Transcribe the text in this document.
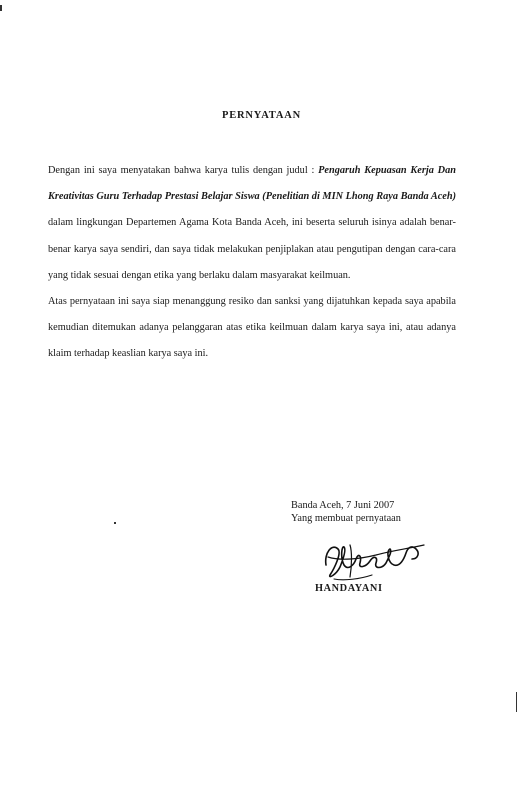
PERNYATAAN

Dengan ini saya menyatakan bahwa karya tulis dengan judul : Pengaruh Kepuasan Kerja Dan Kreativitas Guru Terhadap Prestasi Belajar Siswa (Penelitian di MIN Lhong Raya Banda Aceh) dalam lingkungan Departemen Agama Kota Banda Aceh, ini beserta seluruh isinya adalah benar-benar karya saya sendiri, dan saya tidak melakukan penjiplakan atau pengutipan dengan cara-cara yang tidak sesuai dengan etika yang berlaku dalam masyarakat keilmuan.

Atas pernyataan ini saya siap menanggung resiko dan sanksi yang dijatuhkan kepada saya apabila kemudian ditemukan adanya pelanggaran atas etika keilmuan dalam karya saya ini, atau adanya klaim terhadap keaslian karya saya ini.

Banda Aceh, 7 Juni 2007
Yang membuat pernyataan
HANDAYANI
